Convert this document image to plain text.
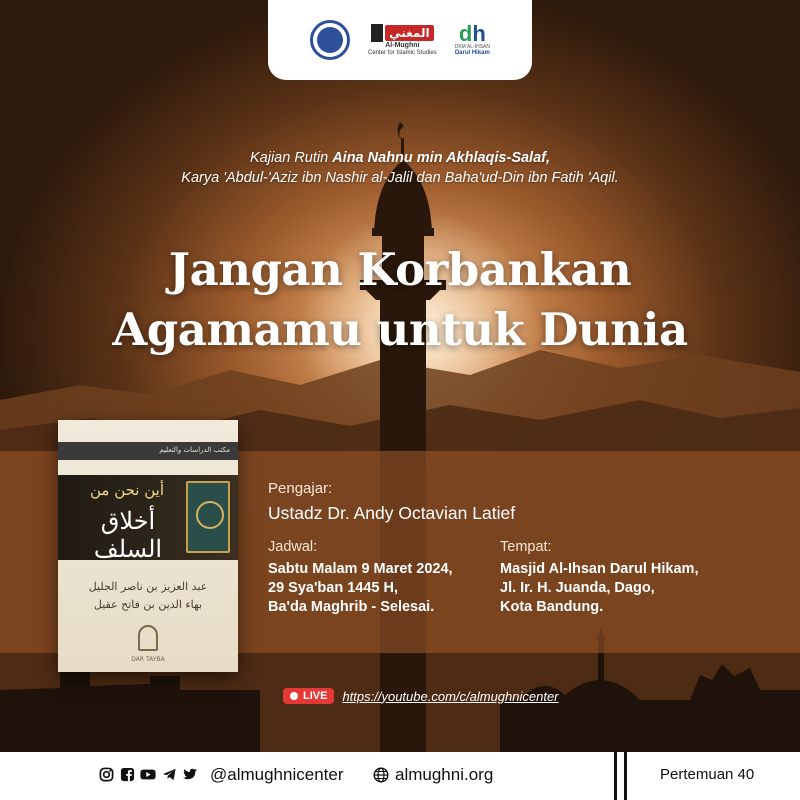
المغني
Al-Mughni
Center for Islamic Studies
dh
DKM AL-IHSAN
Darul Hikam
Kajian Rutin Aina Nahnu min Akhlaqis-Salaf,
Karya 'Abdul-'Aziz ibn Nashir al-Jalil dan Baha'ud-Din ibn Fatih 'Aqil.
Jangan Korbankan
Agamamu untuk Dunia
مكتب الدراسات والتعليم
أين نحن من
أخلاق السلف
عبد العزيز بن ناصر الجليل
بهاء الدين بن فاتح عقيل
DAR TAYBA
Pengajar:
Ustadz Dr. Andy Octavian Latief
Jadwal:
Sabtu Malam 9 Maret 2024,
29 Sya'ban 1445 H,
Ba'da Maghrib - Selesai.
Tempat:
Masjid Al-Ihsan Darul Hikam,
Jl. Ir. H. Juanda, Dago,
Kota Bandung.
LIVE https://youtube.com/c/almughnicenter
@almughnicenter	almughni.org	Pertemuan 40
